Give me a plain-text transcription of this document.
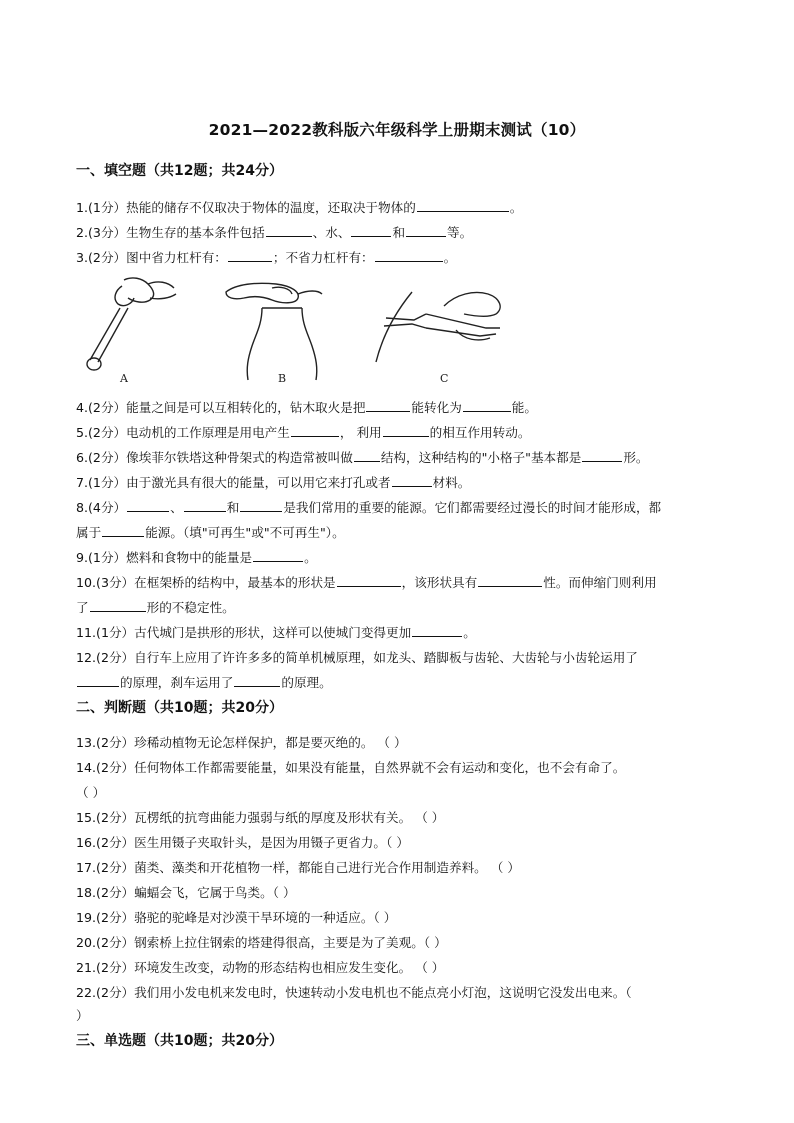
2021—2022教科版六年级科学上册期末测试（10）
一、填空题（共12题；共24分）
1.(1分）热能的储存不仅取决于物体的温度，还取决于物体的	。
2.(3分）生物生存的基本条件包括	、水、	和	等。
3.(2分）图中省力杠杆有：	；不省力杠杆有：	。
A	B	C
4.(2分）能量之间是可以互相转化的，钻木取火是把	能转化为	能。
5.(2分）电动机的工作原理是用电产生	， 利用	的相互作用转动。
6.(2分）像埃菲尔铁塔这种骨架式的构造常被叫做 结构，这种结构的"小格子"基本都是	形。
7.(1分）由于激光具有很大的能量，可以用它来打孔或者	材料。
8.(4分）	、	和	是我们常用的重要的能源。它们都需要经过漫长的时间才能形成，都
属于	能源。（填"可再生"或"不可再生"）。
9.(1分）燃料和食物中的能量是	。
10.(3分）在框架桥的结构中，最基本的形状是	，该形状具有	性。而伸缩门则利用
了	形的不稳定性。
11.(1分）古代城门是拱形的形状，这样可以使城门变得更加	。
12.(2分）自行车上应用了许许多多的简单机械原理，如龙头、踏脚板与齿轮、大齿轮与小齿轮运用了
的原理，刹车运用了	的原理。
二、判断题（共10题；共20分）
13.(2分）珍稀动植物无论怎样保护，都是要灭绝的。 （ ）
14.(2分）任何物体工作都需要能量，如果没有能量，自然界就不会有运动和变化，也不会有命了。
（ ）
15.(2分）瓦楞纸的抗弯曲能力强弱与纸的厚度及形状有关。 （ ）
16.(2分）医生用镊子夹取针头，是因为用镊子更省力。（ ）
17.(2分）菌类、藻类和开花植物一样，都能自己进行光合作用制造养料。 （ ）
18.(2分）蝙蝠会飞，它属于鸟类。（ ）
19.(2分）骆驼的驼峰是对沙漠干旱环境的一种适应。（ ）
20.(2分）钢索桥上拉住钢索的塔建得很高，主要是为了美观。（ ）
21.(2分）环境发生改变，动物的形态结构也相应发生变化。 （ ）
22.(2分）我们用小发电机来发电时，快速转动小发电机也不能点亮小灯泡，这说明它没发出电来。（
）
三、单选题（共10题；共20分）
